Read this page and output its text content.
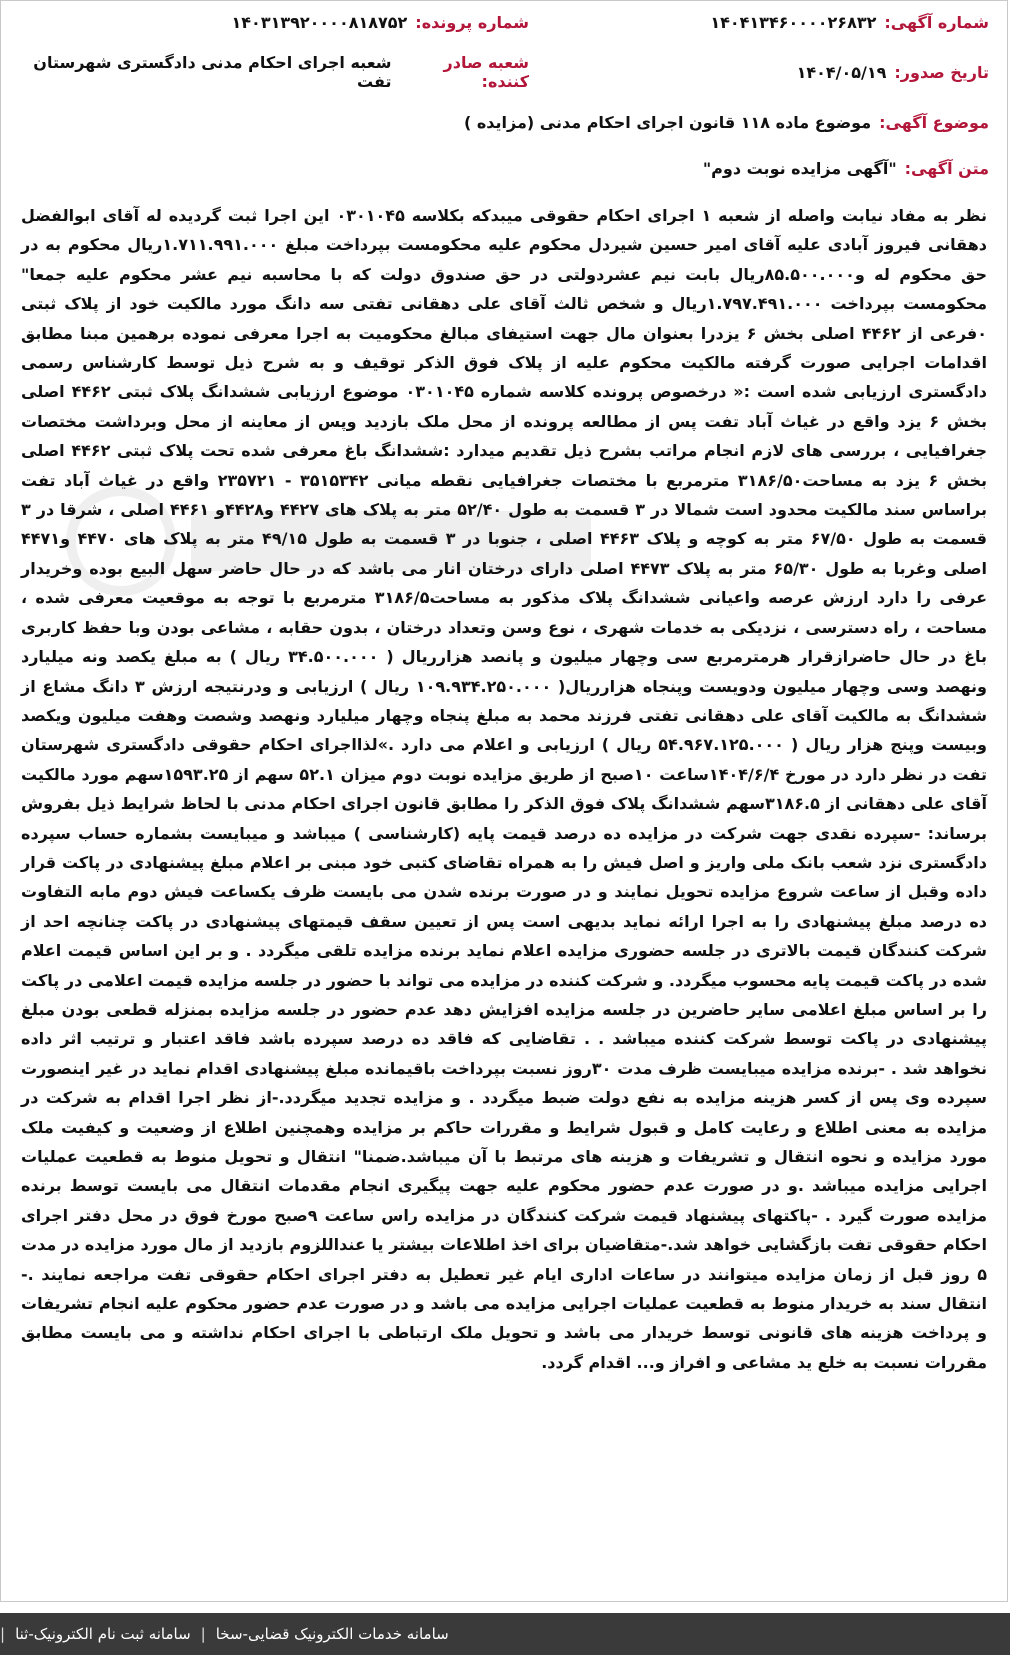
شماره آگهی:
۱۴۰۴۱۳۴۶۰۰۰۰۲۶۸۳۲
شماره پرونده:
۱۴۰۳۱۳۹۲۰۰۰۰۸۱۸۷۵۲
تاریخ صدور:
۱۴۰۴/۰۵/۱۹
شعبه صادر کننده:
شعبه اجرای احکام مدنی دادگستری شهرستان تفت
موضوع آگهی:
موضوع ماده ۱۱۸ قانون اجرای احکام مدنی (مزایده )
متن آگهی:
"آگهی مزایده نوبت دوم"
نظر به مفاد نیابت واصله از شعبه ۱ اجرای احکام حقوقی میبدکه بکلاسه ۰۳۰۱۰۴۵ این اجرا ثبت گردیده له آقای ابوالفضل دهقانی فیروز آبادی علیه آقای امیر حسین شیردل محکوم علیه محکومست بپرداخت مبلغ ۱.۷۱۱.۹۹۱.۰۰۰ریال محکوم به در حق محکوم له و۸۵.۵۰۰.۰۰۰ریال بابت نیم عشردولتی در حق صندوق دولت که با محاسبه نیم عشر محکوم علیه جمعا" محکومست بپرداخت ۱.۷۹۷.۴۹۱.۰۰۰ریال و شخص ثالث آقای علی دهقانی تفتی سه دانگ مورد مالکیت خود از پلاک ثبتی ۰فرعی از ۴۴۶۲ اصلی بخش ۶ یزدرا بعنوان مال جهت استیفای مبالغ محکومیت به اجرا معرفی نموده برهمین مبنا مطابق اقدامات اجرایی صورت گرفته مالکیت محکوم علیه از پلاک فوق الذکر توقیف و به شرح ذیل توسط کارشناس رسمی دادگستری ارزیابی شده است :« درخصوص پرونده کلاسه شماره ۰۳۰۱۰۴۵ موضوع ارزیابی ششدانگ پلاک ثبتی ۴۴۶۲ اصلی بخش ۶ یزد واقع در غیاث آباد تفت پس از مطالعه پرونده از محل ملک بازدید وپس از معاینه از محل وبرداشت مختصات جغرافیایی ، بررسی های لازم انجام مراتب بشرح ذیل تقدیم میدارد :ششدانگ باغ معرفی شده تحت پلاک ثبتی ۴۴۶۲ اصلی بخش ۶ یزد به مساحت۳۱۸۶/۵۰ مترمربع با مختصات جغرافیایی نقطه میانی ۳۵۱۵۳۴۲ - ۲۳۵۷۲۱ واقع در غیاث آباد تفت براساس سند مالکیت محدود است شمالا در ۳ قسمت به طول ۵۲/۴۰ متر به پلاک های ۴۴۲۷ و۴۴۲۸و ۴۴۶۱ اصلی ، شرقا در ۳ قسمت به طول ۶۷/۵۰ متر به کوچه و پلاک ۴۴۶۳ اصلی ، جنوبا در ۳ قسمت به طول ۴۹/۱۵ متر به پلاک های ۴۴۷۰ و۴۴۷۱ اصلی وغربا به طول ۶۵/۳۰ متر به پلاک ۴۴۷۳ اصلی دارای درختان انار می باشد که در حال حاضر سهل البیع بوده وخریدار عرفی را دارد ارزش عرصه واعیانی ششدانگ پلاک مذکور به مساحت۳۱۸۶/۵ مترمربع با توجه به موقعیت معرفی شده ، مساحت ، راه دسترسی ، نزدیکی به خدمات شهری ، نوع وسن وتعداد درختان ، بدون حقابه ، مشاعی بودن وبا حفظ کاربری باغ در حال حاضرازقرار هرمترمربع سی وچهار میلیون و پانصد هزارریال ( ۳۴.۵۰۰.۰۰۰ ریال ) به مبلغ یکصد ونه میلیارد ونهصد وسی وچهار میلیون ودویست وپنجاه هزارریال( ۱۰۹.۹۳۴.۲۵۰.۰۰۰ ریال ) ارزیابی و ودرنتیجه ارزش ۳ دانگ مشاع از ششدانگ به مالکیت آقای علی دهقانی تفتی فرزند محمد به مبلغ پنجاه وچهار میلیارد ونهصد وشصت وهفت میلیون ویکصد وبیست وپنج هزار ریال ( ۵۴.۹۶۷.۱۲۵.۰۰۰ ریال ) ارزیابی و اعلام می دارد .»لذااجرای احکام حقوقی دادگستری شهرستان تفت در نظر دارد در مورخ ۱۴۰۴/۶/۴ساعت ۱۰صبح از طریق مزایده نوبت دوم میزان ۵۲.۱ سهم از ۱۵۹۳.۲۵سهم مورد مالکیت آقای علی دهقانی از ۳۱۸۶.۵سهم ششدانگ پلاک فوق الذکر را مطابق قانون اجرای احکام مدنی با لحاظ شرایط ذیل بفروش برساند: -سپرده نقدی جهت شرکت در مزایده ده درصد قیمت پایه (کارشناسی ) میباشد و میبایست بشماره حساب سپرده دادگستری نزد شعب بانک ملی واریز و اصل فیش را به همراه تقاضای کتبی خود مبنی بر اعلام مبلغ پیشنهادی در پاکت قرار داده وقبل از ساعت شروع مزایده تحویل نمایند و در صورت برنده شدن می بایست ظرف یکساعت فیش دوم مابه التفاوت ده درصد مبلغ پیشنهادی را به اجرا ارائه نماید بدیهی است پس از تعیین سقف قیمتهای پیشنهادی در پاکت چنانچه احد از شرکت کنندگان قیمت بالاتری در جلسه حضوری مزایده اعلام نماید برنده مزایده تلقی میگردد . و بر این اساس قیمت اعلام شده در پاکت قیمت پایه محسوب میگردد. و شرکت کننده در مزایده می تواند با حضور در جلسه مزایده قیمت اعلامی در پاکت را بر اساس مبلغ اعلامی سایر حاضرین در جلسه مزایده افزایش دهد عدم حضور در جلسه مزایده بمنزله قطعی بودن مبلغ پیشنهادی در پاکت توسط شرکت کننده میباشد . . تقاضایی که فاقد ده درصد سپرده باشد فاقد اعتبار و ترتیب اثر داده نخواهد شد . -برنده مزایده میبایست ظرف مدت ۳۰روز نسبت بپرداخت باقیمانده مبلغ پیشنهادی اقدام نماید در غیر اینصورت سپرده وی پس از کسر هزینه مزایده به نفع دولت ضبط میگردد . و مزایده تجدید میگردد.-از نظر اجرا اقدام به شرکت در مزایده به معنی اطلاع و رعایت کامل و قبول شرایط و مقررات حاکم بر مزایده وهمچنین اطلاع از وضعیت و کیفیت ملک مورد مزایده و نحوه انتقال و تشریفات و هزینه های مرتبط با آن میباشد.ضمنا" انتقال و تحویل منوط به قطعیت عملیات اجرایی مزایده میباشد .و در صورت عدم حضور محکوم علیه جهت پیگیری انجام مقدمات انتقال می بایست توسط برنده مزایده صورت گیرد . -پاکتهای پیشنهاد قیمت شرکت کنندگان در مزایده راس ساعت ۹صبح مورخ فوق در محل دفتر اجرای احکام حقوقی تفت بازگشایی خواهد شد.-متقاضیان برای اخذ اطلاعات بیشتر یا عنداللزوم بازدید از مال مورد مزایده در مدت ۵ روز قبل از زمان مزایده میتوانند در ساعات اداری ایام غیر تعطیل به دفتر اجرای احکام حقوقی تفت مراجعه نمایند .- انتقال سند به خریدار منوط به قطعیت عملیات اجرایی مزایده می باشد و در صورت عدم حضور محکوم علیه انجام تشریفات و پرداخت هزینه های قانونی توسط خریدار می باشد و تحویل ملک ارتباطی با اجرای احکام نداشته و می بایست مطابق مقررات نسبت به خلع ید مشاعی و افراز و... اقدام گردد.
سامانه خدمات الکترونیک قضایی-سخا
|
سامانه ثبت نام الکترونیک-ثنا
|
